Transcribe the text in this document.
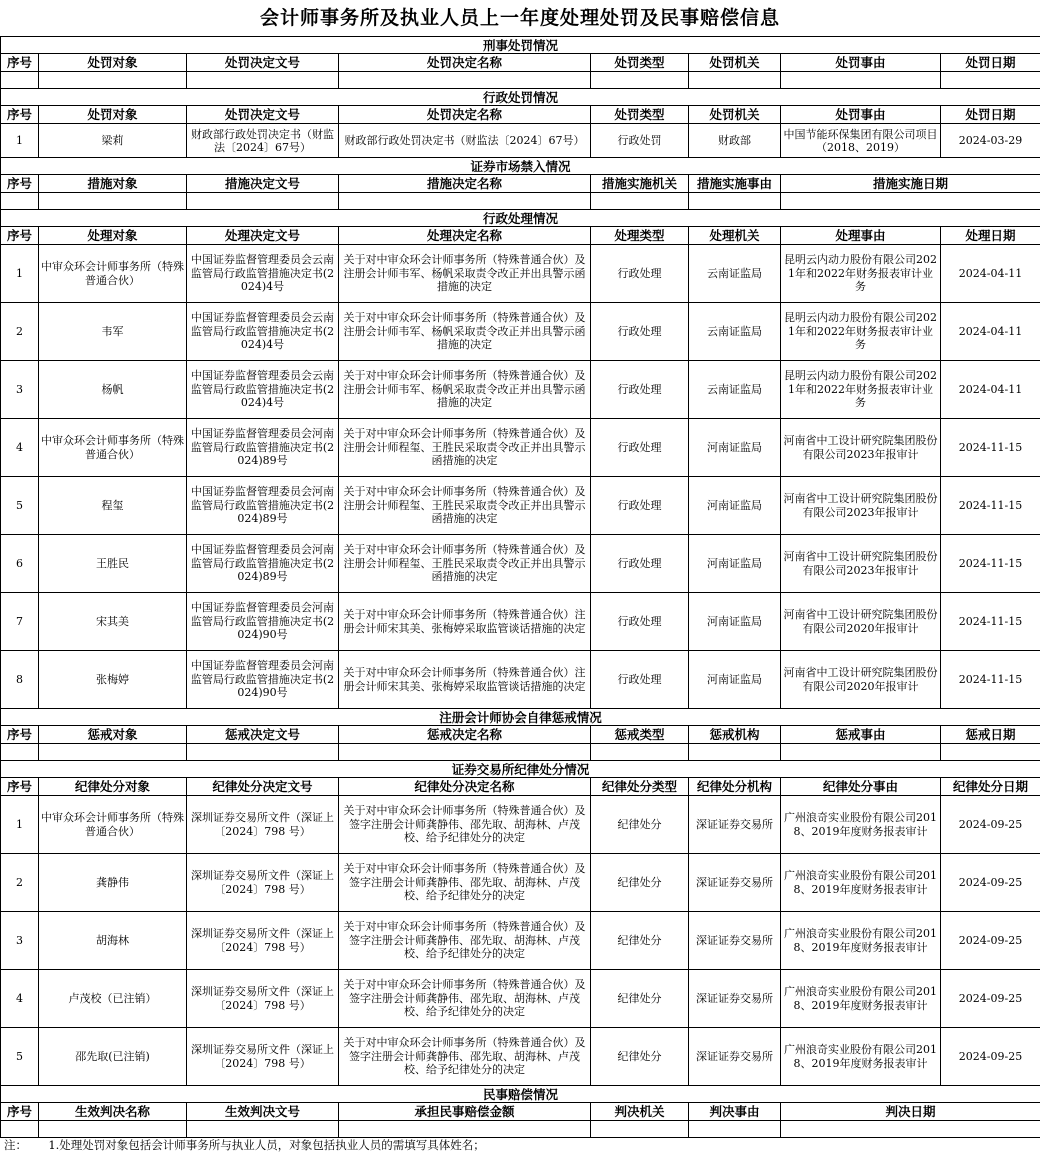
会计师事务所及执业人员上一年度处理处罚及民事赔偿信息
刑事处罚情况							
序号	处罚对象	处罚决定文号	处罚决定名称	处罚类型	处罚机关	处罚事由	处罚日期

行政处罚情况							
序号	处罚对象	处罚决定文号	处罚决定名称	处罚类型	处罚机关	处罚事由	处罚日期
1	梁莉	财政部行政处罚决定书（财监法〔2024〕67号）	财政部行政处罚决定书（财监法〔2024〕67号）	行政处罚	财政部	中国节能环保集团有限公司项目（2018、2019）	2024-03-29
证券市场禁入情况							
序号	措施对象	措施决定文号	措施决定名称	措施实施机关	措施实施事由	措施实施日期	

行政处理情况							
序号	处理对象	处理决定文号	处理决定名称	处理类型	处理机关	处理事由	处理日期
1	中审众环会计师事务所（特殊普通合伙）	中国证券监督管理委员会云南监管局行政监管措施决定书(2024)4号	关于对中审众环会计师事务所（特殊普通合伙）及注册会计师韦军、杨帆采取责令改正并出具警示函措施的决定	行政处理	云南证监局	昆明云内动力股份有限公司2021年和2022年财务报表审计业务	2024-04-11
2	韦军	中国证券监督管理委员会云南监管局行政监管措施决定书(2024)4号	关于对中审众环会计师事务所（特殊普通合伙）及注册会计师韦军、杨帆采取责令改正并出具警示函措施的决定	行政处理	云南证监局	昆明云内动力股份有限公司2021年和2022年财务报表审计业务	2024-04-11
3	杨帆	中国证券监督管理委员会云南监管局行政监管措施决定书(2024)4号	关于对中审众环会计师事务所（特殊普通合伙）及注册会计师韦军、杨帆采取责令改正并出具警示函措施的决定	行政处理	云南证监局	昆明云内动力股份有限公司2021年和2022年财务报表审计业务	2024-04-11
4	中审众环会计师事务所（特殊普通合伙）	中国证券监督管理委员会河南监管局行政监管措施决定书(2024)89号	关于对中审众环会计师事务所（特殊普通合伙）及注册会计师程玺、王胜民采取责令改正并出具警示函措施的决定	行政处理	河南证监局	河南省中工设计研究院集团股份有限公司2023年报审计	2024-11-15
5	程玺	中国证券监督管理委员会河南监管局行政监管措施决定书(2024)89号	关于对中审众环会计师事务所（特殊普通合伙）及注册会计师程玺、王胜民采取责令改正并出具警示函措施的决定	行政处理	河南证监局	河南省中工设计研究院集团股份有限公司2023年报审计	2024-11-15
6	王胜民	中国证券监督管理委员会河南监管局行政监管措施决定书(2024)89号	关于对中审众环会计师事务所（特殊普通合伙）及注册会计师程玺、王胜民采取责令改正并出具警示函措施的决定	行政处理	河南证监局	河南省中工设计研究院集团股份有限公司2023年报审计	2024-11-15
7	宋其美	中国证券监督管理委员会河南监管局行政监管措施决定书(2024)90号	关于对中审众环会计师事务所（特殊普通合伙）注册会计师宋其美、张梅婷采取监管谈话措施的决定	行政处理	河南证监局	河南省中工设计研究院集团股份有限公司2020年报审计	2024-11-15
8	张梅婷	中国证券监督管理委员会河南监管局行政监管措施决定书(2024)90号	关于对中审众环会计师事务所（特殊普通合伙）注册会计师宋其美、张梅婷采取监管谈话措施的决定	行政处理	河南证监局	河南省中工设计研究院集团股份有限公司2020年报审计	2024-11-15
注册会计师协会自律惩戒情况							
序号	惩戒对象	惩戒决定文号	惩戒决定名称	惩戒类型	惩戒机构	惩戒事由	惩戒日期

证券交易所纪律处分情况							
序号	纪律处分对象	纪律处分决定文号	纪律处分决定名称	纪律处分类型	纪律处分机构	纪律处分事由	纪律处分日期
1	中审众环会计师事务所（特殊普通合伙）	深圳证券交易所文件（深证上〔2024〕798 号）	关于对中审众环会计师事务所（特殊普通合伙）及签字注册会计师龚静伟、邵先取、胡海林、卢茂校、给予纪律处分的决定	纪律处分	深证证券交易所	广州浪奇实业股份有限公司2018、2019年度财务报表审计	2024-09-25
2	龚静伟	深圳证券交易所文件（深证上〔2024〕798 号）	关于对中审众环会计师事务所（特殊普通合伙）及签字注册会计师龚静伟、邵先取、胡海林、卢茂校、给予纪律处分的决定	纪律处分	深证证券交易所	广州浪奇实业股份有限公司2018、2019年度财务报表审计	2024-09-25
3	胡海林	深圳证券交易所文件（深证上〔2024〕798 号）	关于对中审众环会计师事务所（特殊普通合伙）及签字注册会计师龚静伟、邵先取、胡海林、卢茂校、给予纪律处分的决定	纪律处分	深证证券交易所	广州浪奇实业股份有限公司2018、2019年度财务报表审计	2024-09-25
4	卢茂校（已注销）	深圳证券交易所文件（深证上〔2024〕798 号）	关于对中审众环会计师事务所（特殊普通合伙）及签字注册会计师龚静伟、邵先取、胡海林、卢茂校、给予纪律处分的决定	纪律处分	深证证券交易所	广州浪奇实业股份有限公司2018、2019年度财务报表审计	2024-09-25
5	邵先取(已注销)	深圳证券交易所文件（深证上〔2024〕798 号）	关于对中审众环会计师事务所（特殊普通合伙）及签字注册会计师龚静伟、邵先取、胡海林、卢茂校、给予纪律处分的决定	纪律处分	深证证券交易所	广州浪奇实业股份有限公司2018、2019年度财务报表审计	2024-09-25
民事赔偿情况							
序号	生效判决名称	生效判决文号	承担民事赔偿金额	判决机关	判决事由	判决日期	

注： 1.处理处罚对象包括会计师事务所与执业人员，对象包括执业人员的需填写具体姓名；
